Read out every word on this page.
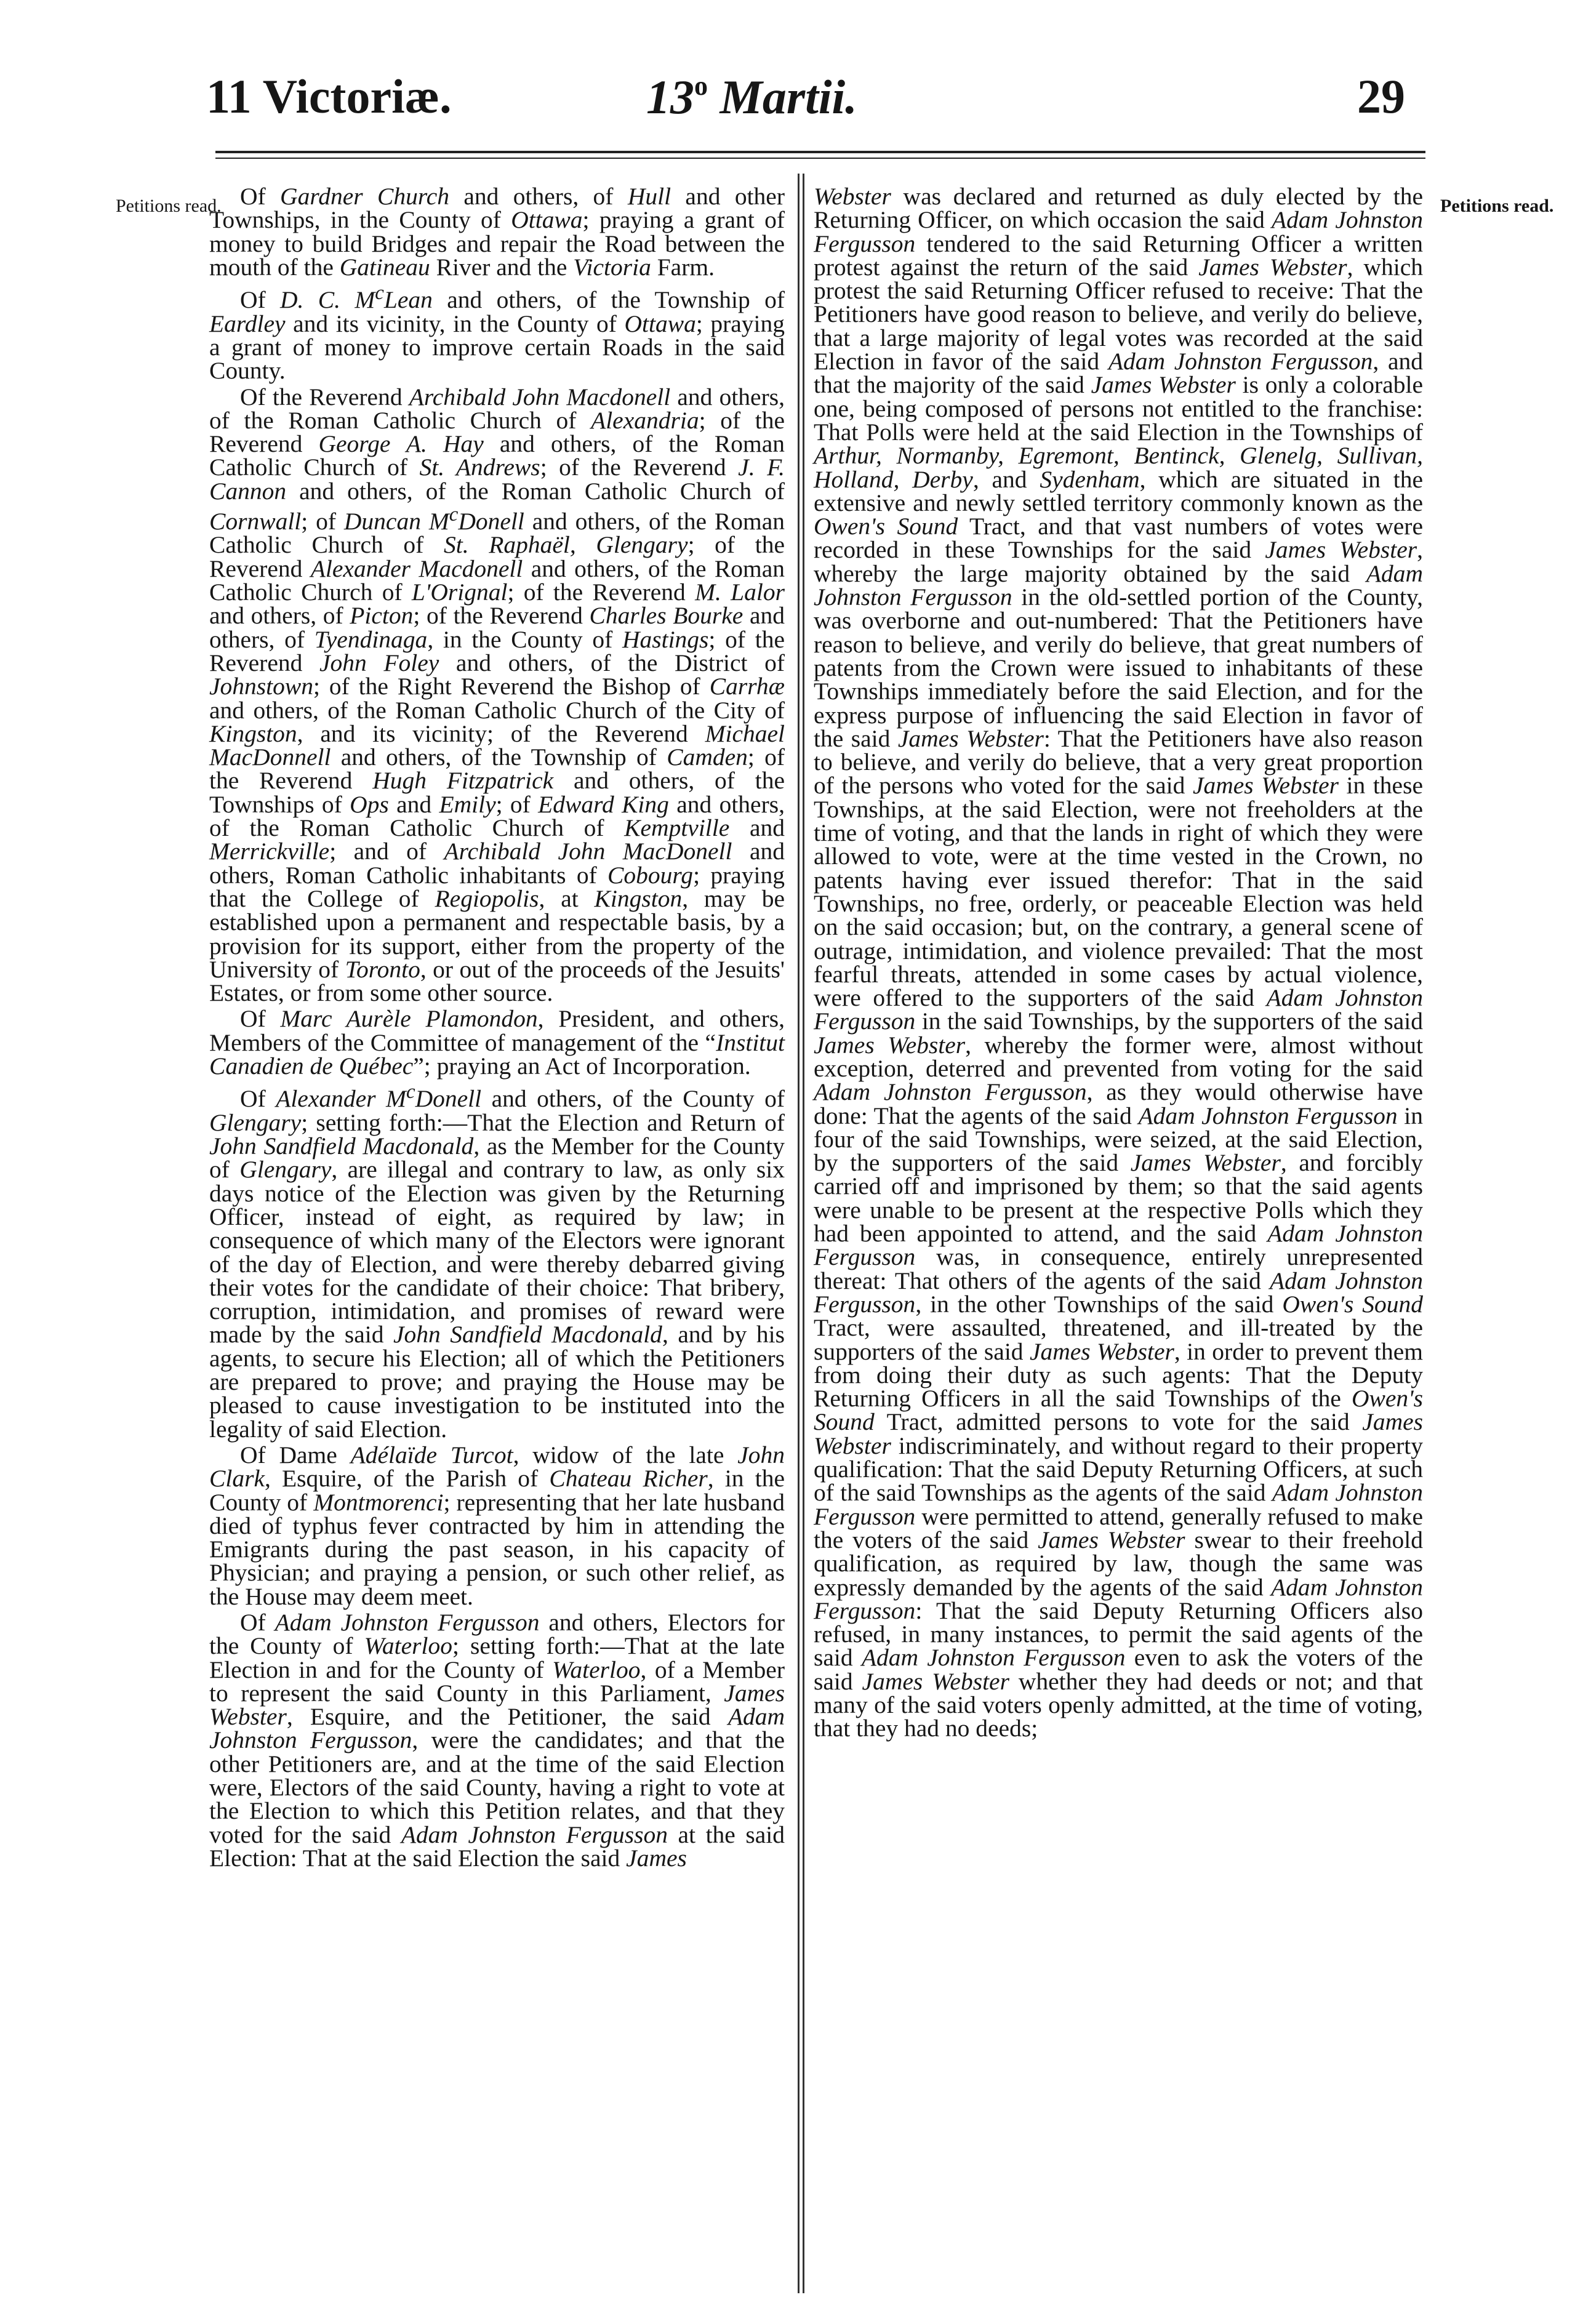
11 Victoriæ.	13$^o$ Martii.	29
Petitions read.	Petitions read.

Of Gardner Church and others, of Hull and other Townships, in the County of Ottawa; praying a grant of money to build Bridges and repair the Road between the mouth of the Gatineau River and the Victoria Farm.

Of D. C. $M^cLean$ and others, of the Township of Eardley and its vicinity, in the County of Ottawa; praying a grant of money to improve certain Roads in the said County.

Of the Reverend Archibald John Macdonell and others, of the Roman Catholic Church of Alexandria; of the Reverend George A. Hay and others, of the Roman Catholic Church of St. Andrews; of the Reverend J. F. Cannon and others, of the Roman Catholic Church of Cornwall; of Duncan $M^cDonell$ and others, of the Roman Catholic Church of St. Raphaël, Glengary; of the Reverend Alexander Macdonell and others, of the Roman Catholic Church of L'Orignal; of the Reverend M. Lalor and others, of Picton; of the Reverend Charles Bourke and others, of Tyendinaga, in the County of Hastings; of the Reverend John Foley and others, of the District of Johnstown; of the Right Reverend the Bishop of Carrhæ and others, of the Roman Catholic Church of the City of Kingston, and its vicinity; of the Reverend Michael MacDonnell and others, of the Township of Camden; of the Reverend Hugh Fitzpatrick and others, of the Townships of Ops and Emily; of Edward King and others, of the Roman Catholic Church of Kemptville and Merrickville; and of Archibald John MacDonell and others, Roman Catholic inhabitants of Cobourg; praying that the College of Regiopolis, at Kingston, may be established upon a permanent and respectable basis, by a provision for its support, either from the property of the University of Toronto, or out of the proceeds of the Jesuits' Estates, or from some other source.

Of Marc Aurèle Plamondon, President, and others, Members of the Committee of management of the “Institut Canadien de Québec”; praying an Act of Incorporation.

Of Alexander $M^cDonell$ and others, of the County of Glengary; setting forth:—That the Election and Return of John Sandfield Macdonald, as the Member for the County of Glengary, are illegal and contrary to law, as only six days notice of the Election was given by the Returning Officer, instead of eight, as required by law; in consequence of which many of the Electors were ignorant of the day of Election, and were thereby debarred giving their votes for the candidate of their choice: That bribery, corruption, intimidation, and promises of reward were made by the said John Sandfield Macdonald, and by his agents, to secure his Election; all of which the Petitioners are prepared to prove; and praying the House may be pleased to cause investigation to be instituted into the legality of said Election.

Of Dame Adélaïde Turcot, widow of the late John Clark, Esquire, of the Parish of Chateau Richer, in the County of Montmorenci; representing that her late husband died of typhus fever contracted by him in attending the Emigrants during the past season, in his capacity of Physician; and praying a pension, or such other relief, as the House may deem meet.

Of Adam Johnston Fergusson and others, Electors for the County of Waterloo; setting forth:—That at the late Election in and for the County of Waterloo, of a Member to represent the said County in this Parliament, James Webster, Esquire, and the Petitioner, the said Adam Johnston Fergusson, were the candidates; and that the other Petitioners are, and at the time of the said Election were, Electors of the said County, having a right to vote at the Election to which this Petition relates, and that they voted for the said Adam Johnston Fergusson at the said Election: That at the said Election the said James

Webster was declared and returned as duly elected by the Returning Officer, on which occasion the said Adam Johnston Fergusson tendered to the said Returning Officer a written protest against the return of the said James Webster, which protest the said Returning Officer refused to receive: That the Petitioners have good reason to believe, and verily do believe, that a large majority of legal votes was recorded at the said Election in favor of the said Adam Johnston Fergusson, and that the majority of the said James Webster is only a colorable one, being composed of persons not entitled to the franchise: That Polls were held at the said Election in the Townships of Arthur, Normanby, Egremont, Bentinck, Glenelg, Sullivan, Holland, Derby, and Sydenham, which are situated in the extensive and newly settled territory commonly known as the Owen's Sound Tract, and that vast numbers of votes were recorded in these Townships for the said James Webster, whereby the large majority obtained by the said Adam Johnston Fergusson in the old-settled portion of the County, was overborne and out-numbered: That the Petitioners have reason to believe, and verily do believe, that great numbers of patents from the Crown were issued to inhabitants of these Townships immediately before the said Election, and for the express purpose of influencing the said Election in favor of the said James Webster: That the Petitioners have also reason to believe, and verily do believe, that a very great proportion of the persons who voted for the said James Webster in these Townships, at the said Election, were not freeholders at the time of voting, and that the lands in right of which they were allowed to vote, were at the time vested in the Crown, no patents having ever issued therefor: That in the said Townships, no free, orderly, or peaceable Election was held on the said occasion; but, on the contrary, a general scene of outrage, intimidation, and violence prevailed: That the most fearful threats, attended in some cases by actual violence, were offered to the supporters of the said Adam Johnston Fergusson in the said Townships, by the supporters of the said James Webster, whereby the former were, almost without exception, deterred and prevented from voting for the said Adam Johnston Fergusson, as they would otherwise have done: That the agents of the said Adam Johnston Fergusson in four of the said Townships, were seized, at the said Election, by the supporters of the said James Webster, and forcibly carried off and imprisoned by them; so that the said agents were unable to be present at the respective Polls which they had been appointed to attend, and the said Adam Johnston Fergusson was, in consequence, entirely unrepresented thereat: That others of the agents of the said Adam Johnston Fergusson, in the other Townships of the said Owen's Sound Tract, were assaulted, threatened, and ill-treated by the supporters of the said James Webster, in order to prevent them from doing their duty as such agents: That the Deputy Returning Officers in all the said Townships of the Owen's Sound Tract, admitted persons to vote for the said James Webster indiscriminately, and without regard to their property qualification: That the said Deputy Returning Officers, at such of the said Townships as the agents of the said Adam Johnston Fergusson were permitted to attend, generally refused to make the voters of the said James Webster swear to their freehold qualification, as required by law, though the same was expressly demanded by the agents of the said Adam Johnston Fergusson: That the said Deputy Returning Officers also refused, in many instances, to permit the said agents of the said Adam Johnston Fergusson even to ask the voters of the said James Webster whether they had deeds or not; and that many of the said voters openly admitted, at the time of voting, that they had no deeds;
